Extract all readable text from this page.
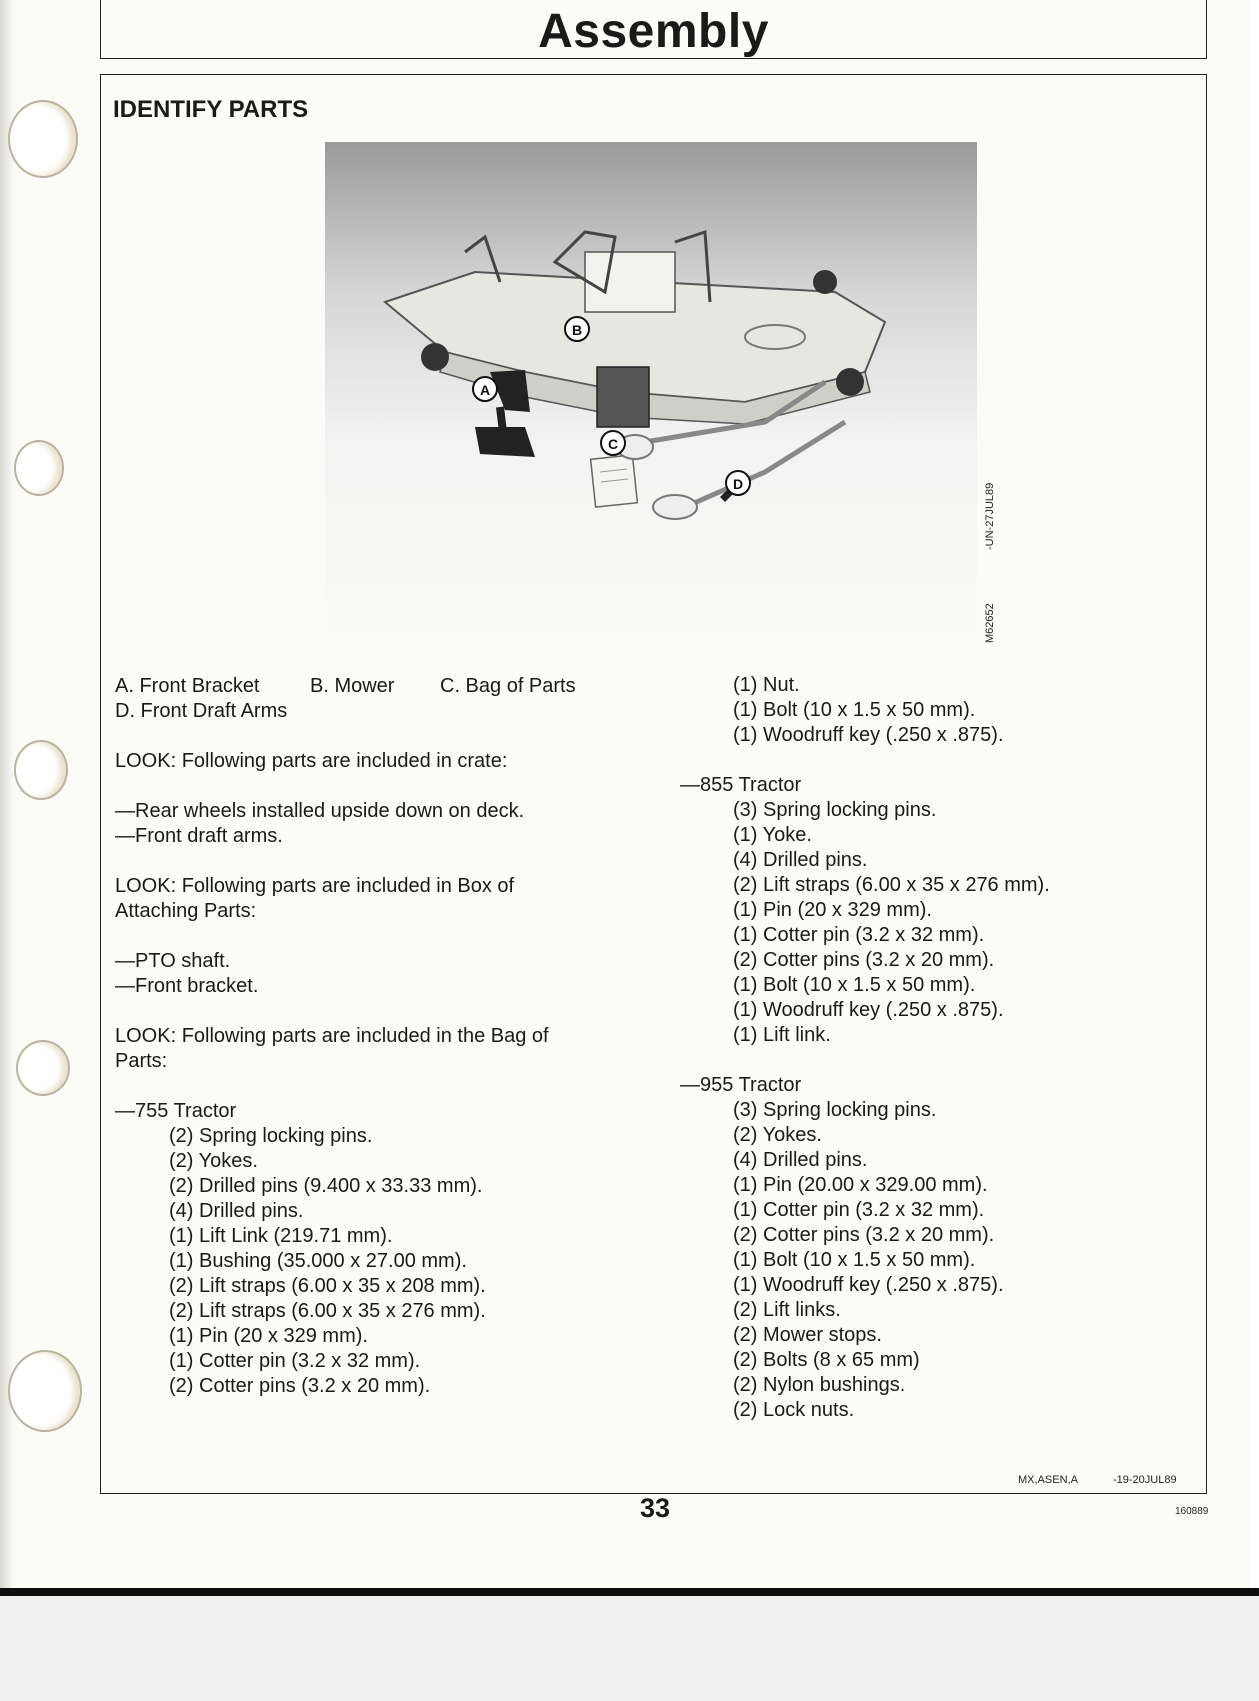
Assembly
IDENTIFY PARTS
A
B
C
D	-UN-27JUL89
M62652
A. Front Bracket	B. Mower C. Bag of Parts
D. Front Draft Arms
LOOK: Following parts are included in crate:
—Rear wheels installed upside down on deck.
—Front draft arms.
LOOK: Following parts are included in Box of
Attaching Parts:
—PTO shaft.
—Front bracket.
LOOK: Following parts are included in the Bag of
Parts:
—755 Tractor
(2) Spring locking pins.
(2) Yokes.
(2) Drilled pins (9.400 x 33.33 mm).
(4) Drilled pins.
(1) Lift Link (219.71 mm).
(1) Bushing (35.000 x 27.00 mm).
(2) Lift straps (6.00 x 35 x 208 mm).
(2) Lift straps (6.00 x 35 x 276 mm).
(1) Pin (20 x 329 mm).
(1) Cotter pin (3.2 x 32 mm).
(2) Cotter pins (3.2 x 20 mm).
(1) Nut.
(1) Bolt (10 x 1.5 x 50 mm).
(1) Woodruff key (.250 x .875).
—855 Tractor
(3) Spring locking pins.
(1) Yoke.
(4) Drilled pins.
(2) Lift straps (6.00 x 35 x 276 mm).
(1) Pin (20 x 329 mm).
(1) Cotter pin (3.2 x 32 mm).
(2) Cotter pins (3.2 x 20 mm).
(1) Bolt (10 x 1.5 x 50 mm).
(1) Woodruff key (.250 x .875).
(1) Lift link.
—955 Tractor
(3) Spring locking pins.
(2) Yokes.
(4) Drilled pins.
(1) Pin (20.00 x 329.00 mm).
(1) Cotter pin (3.2 x 32 mm).
(2) Cotter pins (3.2 x 20 mm).
(1) Bolt (10 x 1.5 x 50 mm).
(1) Woodruff key (.250 x .875).
(2) Lift links.
(2) Mower stops.
(2) Bolts (8 x 65 mm)
(2) Nylon bushings.
(2) Lock nuts.
MX,ASEN,A	-19-20JUL89
33	160889
